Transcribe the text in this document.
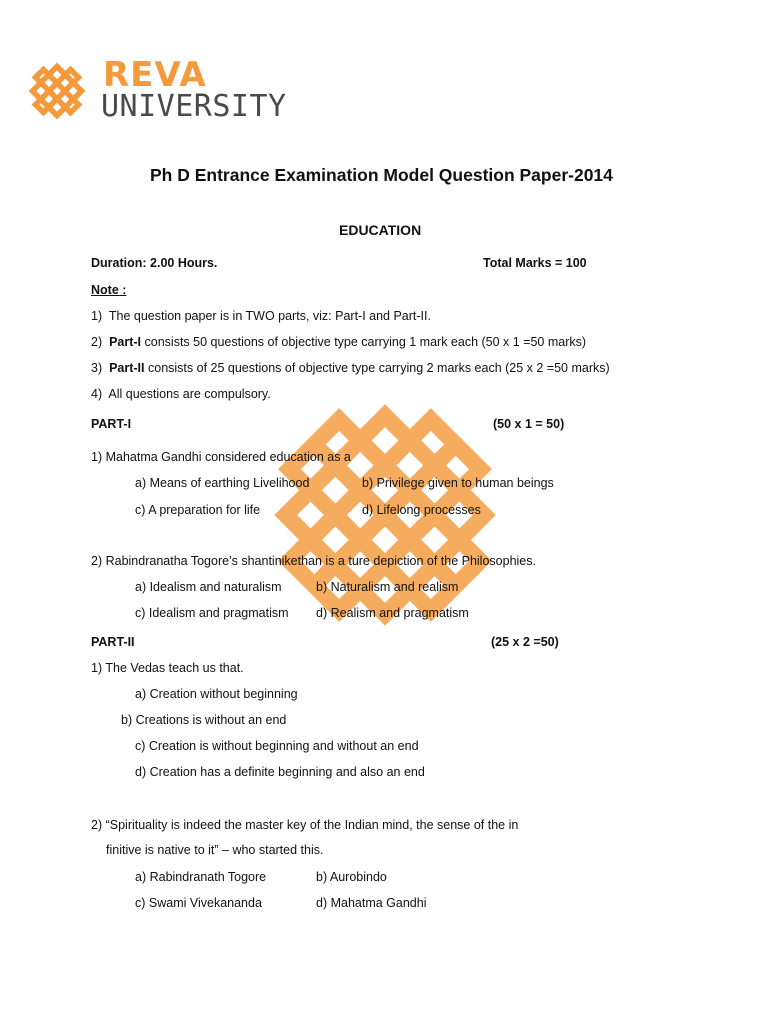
REVA
UNIVERSITY
Ph D Entrance Examination Model Question Paper-2014
EDUCATION
Duration: 2.00 Hours.	Total Marks = 100
Note :
1) The question paper is in TWO parts, viz: Part-I and Part-II.
2) Part-I consists 50 questions of objective type carrying 1 mark each (50 x 1 =50 marks)
3) Part-II consists of 25 questions of objective type carrying 2 marks each (25 x 2 =50 marks)
4) All questions are compulsory.
PART-I	(50 x 1 = 50)
1) Mahatma Gandhi considered education as a
a) Means of earthing Livelihood	b) Privilege given to human beings
c) A preparation for life	d) Lifelong processes
2) Rabindranatha Togore’s shantinikethan is a ture depiction of the Philosophies.
a) Idealism and naturalism	b) Naturalism and realism
c) Idealism and pragmatism d) Realism and pragmatism
PART-II	(25 x 2 =50)
1) The Vedas teach us that.
a) Creation without beginning
b) Creations is without an end
c) Creation is without beginning and without an end
d) Creation has a definite beginning and also an end
2) “Spirituality is indeed the master key of the Indian mind, the sense of the in
finitive is native to it” – who started this.
a) Rabindranath Togore	b) Aurobindo
c) Swami Vivekananda	d) Mahatma Gandhi
